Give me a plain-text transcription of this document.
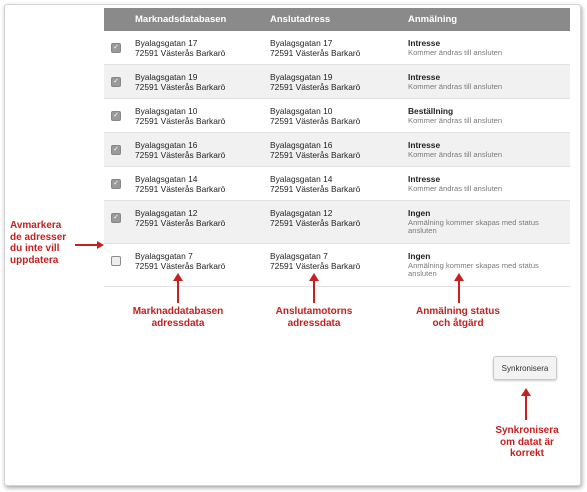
Marknadsdatabasen	Anslutadress	Anmälning
✓ Byalagsgatan 17
72591 Västerås Barkarö
Byalagsgatan 17
72591 Västerås Barkarö
Intresse
Kommer ändras till ansluten
✓ Byalagsgatan 19
72591 Västerås Barkarö
Byalagsgatan 19
72591 Västerås Barkarö
Intresse
Kommer ändras till ansluten
✓ Byalagsgatan 10
72591 Västerås Barkarö
Byalagsgatan 10
72591 Västerås Barkarö
Beställning
Kommer ändras till ansluten
✓ Byalagsgatan 16
72591 Västerås Barkarö
Byalagsgatan 16
72591 Västerås Barkarö
Intresse
Kommer ändras till ansluten
✓ Byalagsgatan 14
72591 Västerås Barkarö
Byalagsgatan 14
72591 Västerås Barkarö
Intresse
Kommer ändras till ansluten
✓ Byalagsgatan 12
72591 Västerås Barkarö
Byalagsgatan 12
72591 Västerås Barkarö
Ingen
Anmälning kommer skapas med status ansluten
Byalagsgatan 7
72591 Västerås Barkarö
Byalagsgatan 7
72591 Västerås Barkarö
Ingen
Anmälning kommer skapas med status ansluten
Avmarkera
de adresser
du inte vill
uppdatera
Marknaddatabasen
adressdata
Anslutamotorns
adressdata
Anmälning status
och åtgärd
Synkronisera
Synkronisera
om datat är
korrekt
